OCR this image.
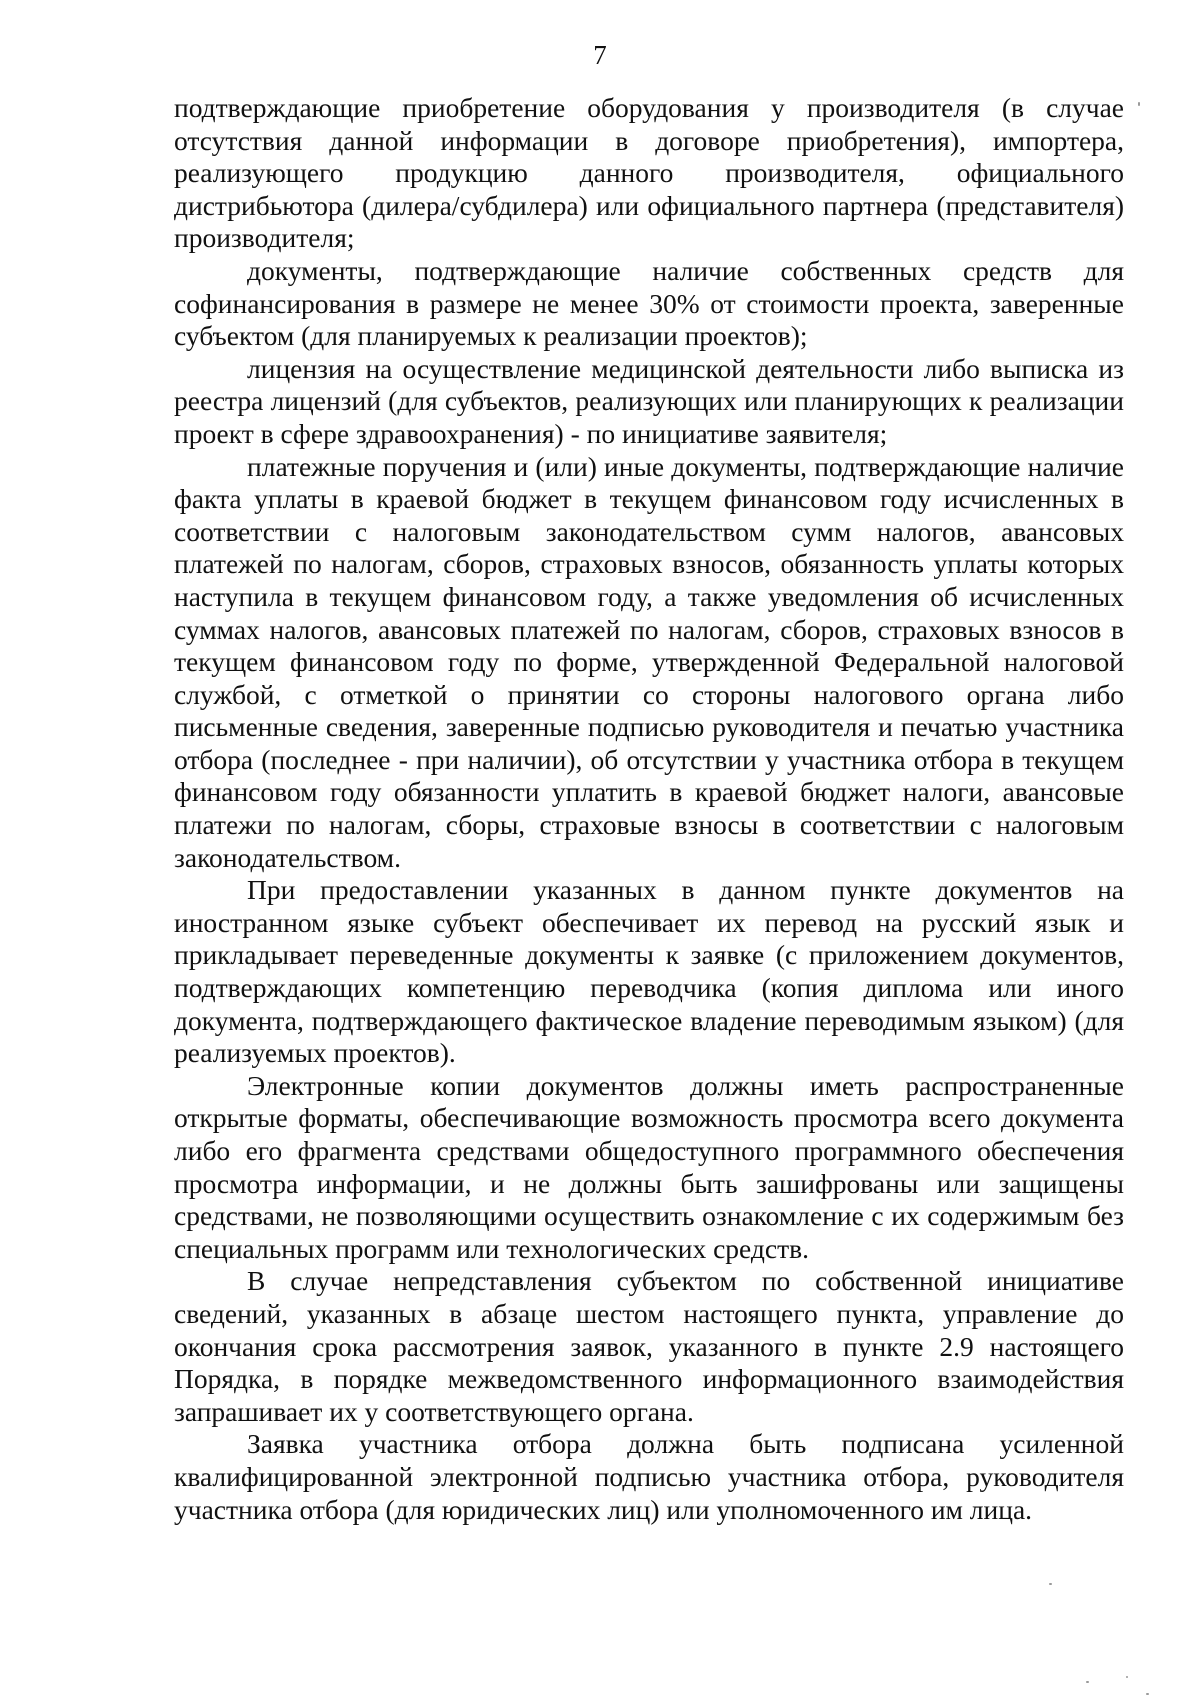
7

подтверждающие приобретение оборудования у производителя (в случае отсутствия данной информации в договоре приобретения), импортера, реализующего продукцию данного производителя, официального дистрибьютора (дилера/субдилера) или официального партнера (представителя) производителя;

документы, подтверждающие наличие собственных средств для софинансирования в размере не менее 30% от стоимости проекта, заверенные субъектом (для планируемых к реализации проектов);

лицензия на осуществление медицинской деятельности либо выписка из реестра лицензий (для субъектов, реализующих или планирующих к реализации проект в сфере здравоохранения) - по инициативе заявителя;

платежные поручения и (или) иные документы, подтверждающие наличие факта уплаты в краевой бюджет в текущем финансовом году исчисленных в соответствии с налоговым законодательством сумм налогов, авансовых платежей по налогам, сборов, страховых взносов, обязанность уплаты которых наступила в текущем финансовом году, а также уведомления об исчисленных суммах налогов, авансовых платежей по налогам, сборов, страховых взносов в текущем финансовом году по форме, утвержденной Федеральной налоговой службой, с отметкой о принятии со стороны налогового органа либо письменные сведения, заверенные подписью руководителя и печатью участника отбора (последнее - при наличии), об отсутствии у участника отбора в текущем финансовом году обязанности уплатить в краевой бюджет налоги, авансовые платежи по налогам, сборы, страховые взносы в соответствии с налоговым законодательством.

При предоставлении указанных в данном пункте документов на иностранном языке субъект обеспечивает их перевод на русский язык и прикладывает переведенные документы к заявке (с приложением документов, подтверждающих компетенцию переводчика (копия диплома или иного документа, подтверждающего фактическое владение переводимым языком) (для реализуемых проектов).

Электронные копии документов должны иметь распространенные открытые форматы, обеспечивающие возможность просмотра всего документа либо его фрагмента средствами общедоступного программного обеспечения просмотра информации, и не должны быть зашифрованы или защищены средствами, не позволяющими осуществить ознакомление с их содержимым без специальных программ или технологических средств.

В случае непредставления субъектом по собственной инициативе сведений, указанных в абзаце шестом настоящего пункта, управление до окончания срока рассмотрения заявок, указанного в пункте 2.9 настоящего Порядка, в порядке межведомственного информационного взаимодействия запрашивает их у соответствующего органа.

Заявка участника отбора должна быть подписана усиленной квалифицированной электронной подписью участника отбора, руководителя участника отбора (для юридических лиц) или уполномоченного им лица.
